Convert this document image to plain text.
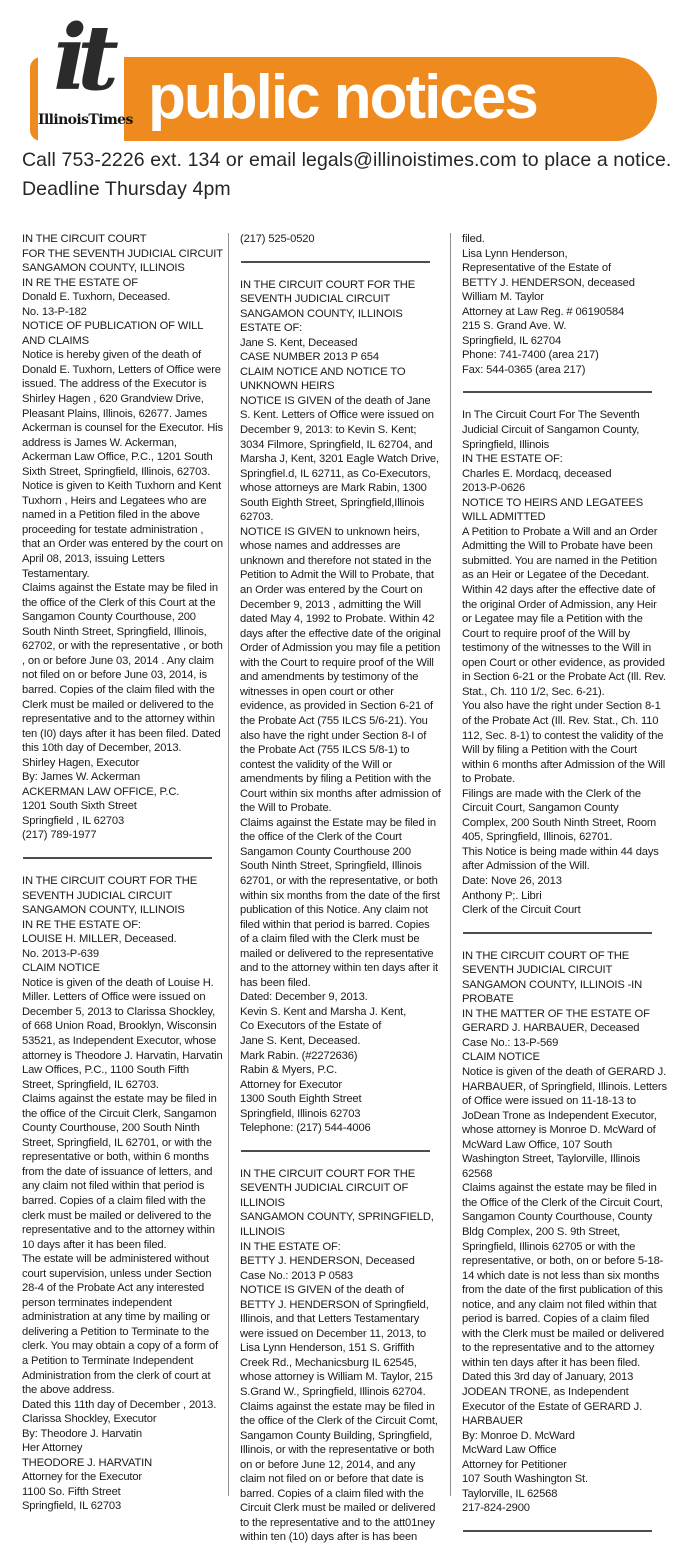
public notices
it
IllinoisTimes
Call 753-2226 ext. 134 or email legals@illinoistimes.com to place a notice.
Deadline Thursday 4pm
IN THE CIRCUIT COURT
FOR THE SEVENTH JUDICIAL CIRCUIT
SANGAMON COUNTY, ILLINOIS
IN RE THE ESTATE OF
Donald E. Tuxhorn, Deceased.
No. 13-P-182
NOTICE OF PUBLICATION OF WILL AND CLAIMS
Notice is hereby given of the death of Donald E. Tuxhorn, Letters of Office were issued. The address of the Executor is Shirley Hagen , 620 Grandview Drive, Pleasant Plains, Illinois, 62677. James Ackerman is counsel for the Executor. His address is James W. Ackerman, Ackerman Law Office, P.C., 1201 South Sixth Street, Springfield, Illinois, 62703.
Notice is given to Keith Tuxhorn and Kent Tuxhorn , Heirs and Legatees who are named in a Petition filed in the above proceeding for testate administration , that an Order was entered by the court on April 08, 2013, issuing Letters Testamentary.
Claims against the Estate may be filed in the office of the Clerk of this Court at the Sangamon County Courthouse, 200 South Ninth Street, Springfield, Illinois, 62702, or with the representative , or both , on or before June 03, 2014 . Any claim not filed on or before June 03, 2014, is barred. Copies of the claim filed with the Clerk must be mailed or delivered to the representative and to the attorney within ten (I0) days after it has been filed. Dated this 10th day of December, 2013.
Shirley Hagen, Executor
By: James W. Ackerman
ACKERMAN LAW OFFICE, P.C.
1201 South Sixth Street
Springfield , IL 62703
(217) 789-1977
IN THE CIRCUIT COURT FOR THE SEVENTH JUDICIAL CIRCUIT
SANGAMON COUNTY, ILLINOIS
IN RE THE ESTATE OF:
LOUISE H. MILLER, Deceased.
No. 2013-P-639
CLAIM NOTICE
Notice is given of the death of Louise H. Miller. Letters of Office were issued on December 5, 2013 to Clarissa Shockley, of 668 Union Road, Brooklyn, Wisconsin 53521, as Independent Executor, whose attorney is Theodore J. Harvatin, Harvatin Law Offices, P.C., 1100 South Fifth Street, Springfield, IL 62703.
Claims against the estate may be filed in the office of the Circuit Clerk, Sangamon County Courthouse, 200 South Ninth Street, Springfield, IL 62701, or with the representative or both, within 6 months from the date of issuance of letters, and any claim not filed within that period is barred. Copies of a claim filed with the clerk must be mailed or delivered to the representative and to the attorney within 10 days after it has been filed.
The estate will be administered without court supervision, unless under Section 28-4 of the Probate Act any interested person terminates independent administration at any time by mailing or delivering a Petition to Terminate to the clerk. You may obtain a copy of a form of a Petition to Terminate Independent Administration from the clerk of court at the above address.
Dated this 11th day of December , 2013.
Clarissa Shockley, Executor
By: Theodore J. Harvatin
Her Attorney
THEODORE J. HARVATIN
Attorney for the Executor
1100 So. Fifth Street
Springfield, IL 62703
(217) 525-0520
IN THE CIRCUIT COURT FOR THE SEVENTH JUDICIAL CIRCUIT
SANGAMON COUNTY, ILLINOIS
ESTATE OF:
Jane S. Kent, Deceased
CASE NUMBER 2013 P 654
CLAIM NOTICE AND NOTICE TO UNKNOWN HEIRS
NOTICE IS GIVEN of the death of Jane S. Kent. Letters of Office were issued on December 9, 2013: to Kevin S. Kent; 3034 Filmore, Springfield, IL 62704, and Marsha J, Kent, 3201 Eagle Watch Drive, Springfiel.d, IL 62711, as Co-Executors, whose attorneys are Mark Rabin, 1300 South Eighth Street, Springfield,Illinois 62703.
NOTICE IS GIVEN to unknown heirs, whose names and addresses are unknown and therefore not stated in the Petition to Admit the Will to Probate, that an Order was entered by the Court on December 9, 2013 , admitting the Will dated May 4, 1992 to Probate. Within 42 days after the effective date of the original Order of Admission you may file a petition with the Court to require proof of the Will and amendments by testimony of the witnesses in open court or other evidence, as provided in Section 6-21 of the Probate Act (755 ILCS 5/6-21). You also have the right under Section 8-I of the Probate Act (755 ILCS 5/8-1) to contest the validity of the Will or amendments by filing a Petition with the Court within six months after admission of the Will to Probate.
Claims against the Estate may be filed in the office of the Clerk of the Court Sangamon County Courthouse 200 South Ninth Street, Springfield, Illinois 62701, or with the representative, or both within six months from the date of the first publication of this Notice. Any claim not filed within that period is barred. Copies of a claim filed with the Clerk must be mailed or delivered to the representative and to the attorney within ten days after it has been filed.
Dated: December 9, 2013.
Kevin S. Kent and Marsha J. Kent,
Co Executors of the Estate of
Jane S. Kent, Deceased.
Mark Rabin. (#2272636)
Rabin & Myers, P.C.
Attorney for Executor
1300 South Eighth Street
Springfield, Illinois 62703
Telephone: (217) 544-4006
IN THE CIRCUIT COURT FOR THE SEVENTH JUDICIAL CIRCUIT OF ILLINOIS
SANGAMON COUNTY, SPRINGFIELD, ILLINOIS
IN THE ESTATE OF:
BETTY J. HENDERSON, Deceased
Case No.: 2013 P 0583
NOTICE IS GIVEN of the death of BETTY J. HENDERSON of Springfield, Illinois, and that Letters Testamentary were issued on December 11, 2013, to Lisa Lynn Henderson, 151 S. Griffith Creek Rd., Mechanicsburg IL 62545, whose attorney is William M. Taylor, 215 S.Grand W., Springfield, Illinois 62704.
Claims against the estate may be filed in the office of the Clerk of the Circuit Comt, Sangamon County Building, Springfield, Illinois, or with the representative or both on or before June 12, 2014, and any claim not filed on or before that date is barred. Copies of a claim filed with the Circuit Clerk must be mailed or delivered to the representative and to the att01ney within ten (10) days after is has been
filed.
Lisa Lynn Henderson,
Representative of the Estate of
BETTY J. HENDERSON, deceased
William M. Taylor
Attorney at Law Reg. # 06190584
215 S. Grand Ave. W.
Springfield, IL 62704
Phone: 741-7400 (area 217)
Fax: 544-0365 (area 217)
In The Circuit Court For The Seventh Judicial Circuit of Sangamon County, Springfield, Illinois
IN THE ESTATE OF:
Charles E. Mordacq, deceased
2013-P-0626
NOTICE TO HEIRS AND LEGATEES WILL ADMITTED
A Petition to Probate a Will and an Order Admitting the Will to Probate have been submitted. You are named in the Petition as an Heir or Legatee of the Decedant. Within 42 days after the effective date of the original Order of Admission, any Heir or Legatee may file a Petition with the Court to require proof of the Will by testimony of the witnesses to the Will in open Court or other evidence, as provided in Section 6-21 or the Probate Act (Ill. Rev. Stat., Ch. 110 1/2, Sec. 6-21).
You also have the right under Section 8-1 of the Probate Act (Ill. Rev. Stat., Ch. 110 112, Sec. 8-1) to contest the validity of the Will by filing a Petition with the Court within 6 months after Admission of the Will to Probate.
Filings are made with the Clerk of the Circuit Court, Sangamon County Complex, 200 South Ninth Street, Room 405, Springfield, Illinois, 62701.
This Notice is being made within 44 days after Admission of the Will.
Date: Nove 26, 2013
Anthony P;. Libri
Clerk of the Circuit Court
IN THE CIRCUIT COURT OF THE SEVENTH JUDICIAL CIRCUIT SANGAMON COUNTY, ILLINOIS -IN PROBATE
IN THE MATTER OF THE ESTATE OF
GERARD J. HARBAUER, Deceased
Case No.: 13-P-569
CLAIM NOTICE
Notice is given of the death of GERARD J. HARBAUER, of Springfield, Illinois. Letters of Office were issued on 11-18-13 to JoDean Trone as Independent Executor, whose attorney is Monroe D. McWard of McWard Law Office, 107 South Washington Street, Taylorville, Illinois 62568
Claims against the estate may be filed in the Office of the Clerk of the Circuit Court, Sangamon County Courthouse, County Bldg Complex, 200 S. 9th Street, Springfield, Illinois 62705 or with the representative, or both, on or before 5-18-14 which date is not less than six months from the date of the first publication of this notice, and any claim not filed within that period is barred. Copies of a claim filed with the Clerk must be mailed or delivered to the representative and to the attorney within ten days after it has been filed.
Dated this 3rd day of January, 2013
JODEAN TRONE, as Independent Executor of the Estate of GERARD J. HARBAUER
By: Monroe D. McWard
McWard Law Office
Attorney for Petitioner
107 South Washington St.
Taylorville, IL 62568
217-824-2900
